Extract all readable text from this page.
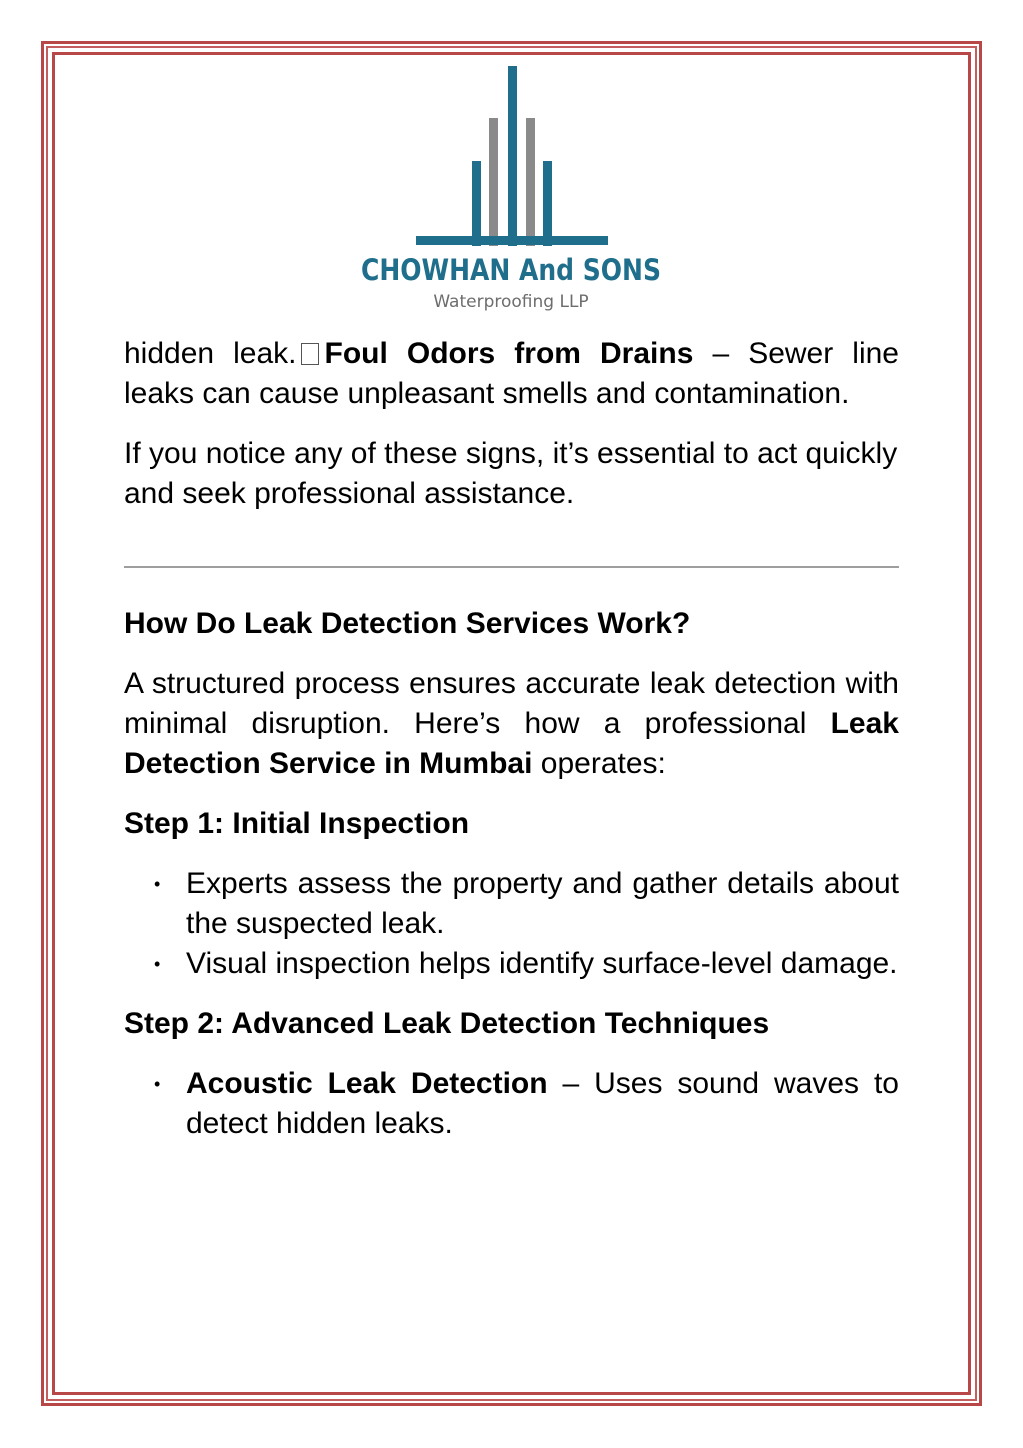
CHOWHAN And SONS
Waterproofing LLP

hidden leak. Foul Odors from Drains – Sewer line leaks can cause unpleasant smells and contamination.

If you notice any of these signs, it’s essential to act quickly and seek professional assistance.

How Do Leak Detection Services Work?

A structured process ensures accurate leak detection with minimal disruption. Here’s how a professional Leak Detection Service in Mumbai operates:

Step 1: Initial Inspection
• Experts assess the property and gather details about the suspected leak.
• Visual inspection helps identify surface-level damage.
Step 2: Advanced Leak Detection Techniques
• Acoustic Leak Detection – Uses sound waves to detect hidden leaks.
